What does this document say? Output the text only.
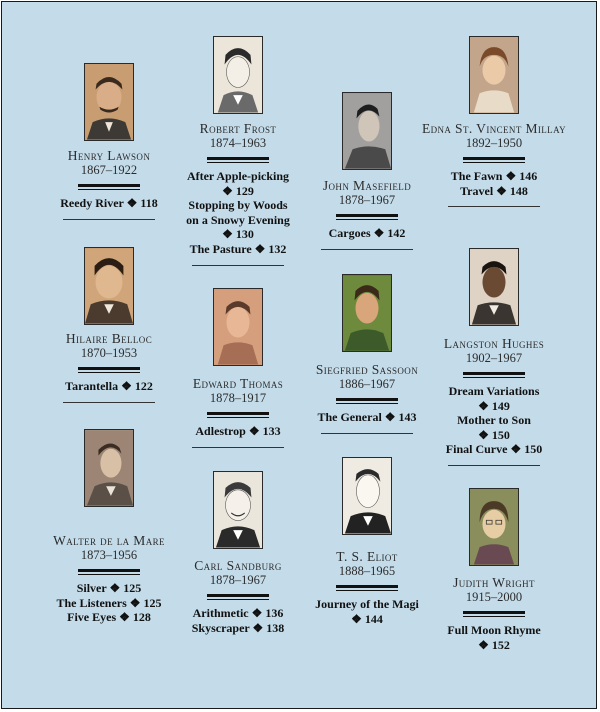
Henry Lawson
1867–1922
Reedy River ❖ 118
Hilaire Belloc
1870–1953
Tarantella ❖ 122
Walter de la Mare
1873–1956
Silver ❖ 125
The Listeners ❖ 125
Five Eyes ❖ 128
Robert Frost
1874–1963
After Apple-picking
❖ 129
Stopping by Woods
on a Snowy Evening
❖ 130
The Pasture ❖ 132
Edward Thomas
1878–1917
Adlestrop ❖ 133
Carl Sandburg
1878–1967
Arithmetic ❖ 136
Skyscraper ❖ 138
John Masefield
1878–1967
Cargoes ❖ 142
Siegfried Sassoon
1886–1967
The General ❖ 143
T. S. Eliot
1888–1965
Journey of the Magi
❖ 144
Edna St. Vincent Millay
1892–1950
The Fawn ❖ 146
Travel ❖ 148
Langston Hughes
1902–1967
Dream Variations
❖ 149
Mother to Son
❖ 150
Final Curve ❖ 150
Judith Wright
1915–2000
Full Moon Rhyme
❖ 152
